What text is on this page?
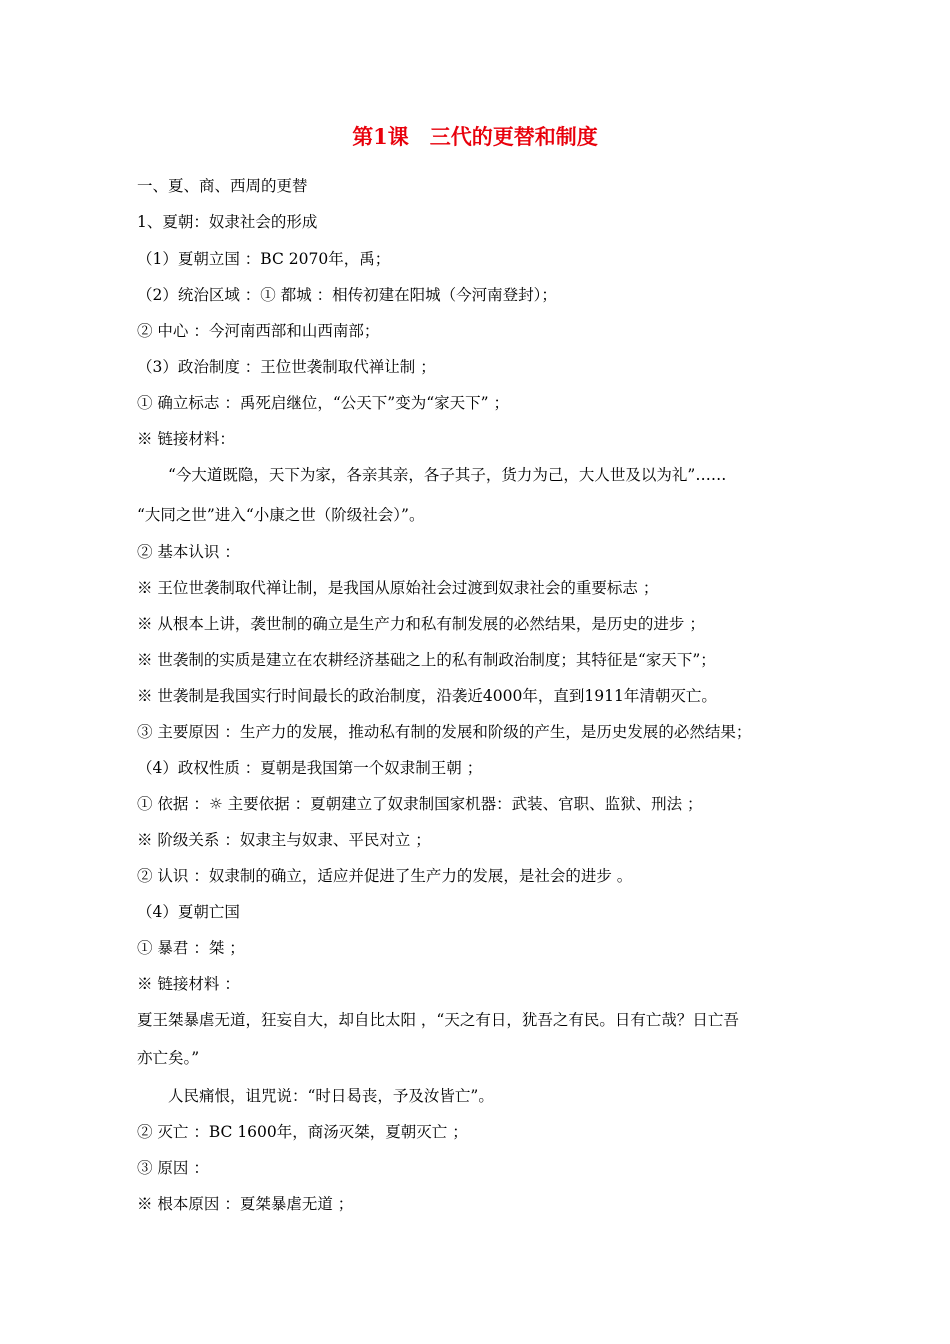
第1课　三代的更替和制度
一、夏、商、西周的更替
1、夏朝：奴隶社会的形成
（1）夏朝立国 ：BC 2070年，禹；
（2）统治区域 ：① 都城 ：相传初建在阳城（今河南登封）；
② 中心 ：今河南西部和山西南部；
（3）政治制度 ：王位世袭制取代禅让制 ；
① 确立标志 ：禹死启继位，“公天下”变为“家天下” ；
※ 链接材料：
“今大道既隐，天下为家，各亲其亲，各子其子，货力为己，大人世及以为礼”……
“大同之世”进入“小康之世（阶级社会）”。
② 基本认识 ：
※ 王位世袭制取代禅让制，是我国从原始社会过渡到奴隶社会的重要标志 ；
※ 从根本上讲，袭世制的确立是生产力和私有制发展的必然结果，是历史的进步 ；
※ 世袭制的实质是建立在农耕经济基础之上的私有制政治制度；其特征是“家天下”；
※ 世袭制是我国实行时间最长的政治制度，沿袭近4000年，直到1911年清朝灭亡。
③ 主要原因 ：生产力的发展，推动私有制的发展和阶级的产生，是历史发展的必然结果；
（4）政权性质 ：夏朝是我国第一个奴隶制王朝 ；
① 依据 ：☼ 主要依据 ：夏朝建立了奴隶制国家机器：武装、官职、监狱、刑法 ；
※ 阶级关系 ：奴隶主与奴隶、平民对立 ；
② 认识 ：奴隶制的确立，适应并促进了生产力的发展，是社会的进步 。
（4）夏朝亡国
① 暴君 ：桀 ；
※ 链接材料 ：
夏王桀暴虐无道，狂妄自大，却自比太阳 ，“天之有日，犹吾之有民。日有亡哉？日亡吾
亦亡矣。”
人民痛恨，诅咒说：“时日曷丧，予及汝皆亡”。
② 灭亡 ：BC 1600年，商汤灭桀，夏朝灭亡 ；
③ 原因 ：
※ 根本原因 ：夏桀暴虐无道 ；
